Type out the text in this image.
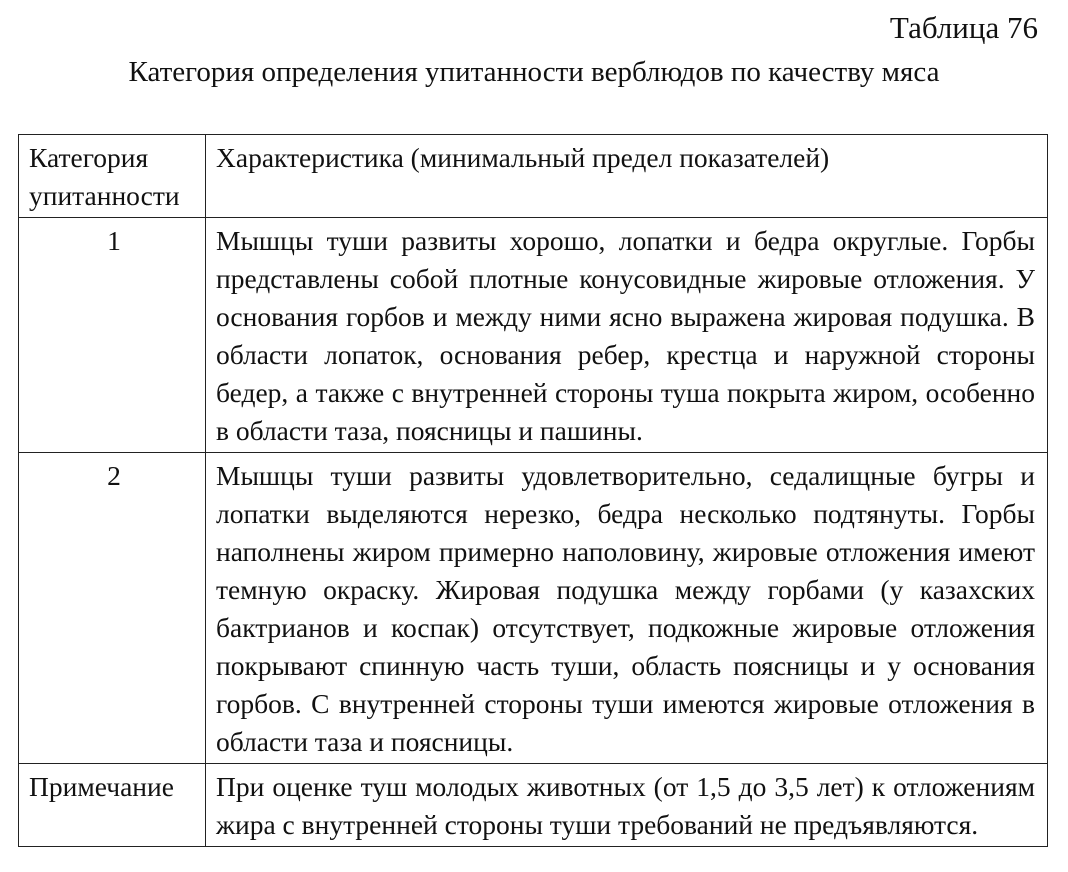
Таблица 76
Категория определения упитанности верблюдов по качеству мяса
Категория упитанности	Характеристика (минимальный предел показателей)
1	Мышцы туши развиты хорошо, лопатки и бедра округлые. Горбы представлены собой плотные конусовидные жировые отложения. У основания горбов и между ними ясно выражена жировая подушка. В области лопаток, основания ребер, крестца и наружной стороны бедер, а также с внутренней стороны туша покрыта жиром, особенно в области таза, поясницы и пашины.
2	Мышцы туши развиты удовлетворительно, седалищные бугры и лопатки выделяются нерезко, бедра несколько подтянуты. Горбы наполнены жиром примерно наполовину, жировые отложения имеют темную окраску. Жировая подушка между горбами (у казахских бактрианов и коспак) отсутствует, подкожные жировые отложения покрывают спинную часть туши, область поясницы и у основания горбов. С внутренней стороны туши имеются жировые отложения в области таза и поясницы.
Примечание	При оценке туш молодых животных (от 1,5 до 3,5 лет) к отложениям жира с внутренней стороны туши требований не предъявляются.
